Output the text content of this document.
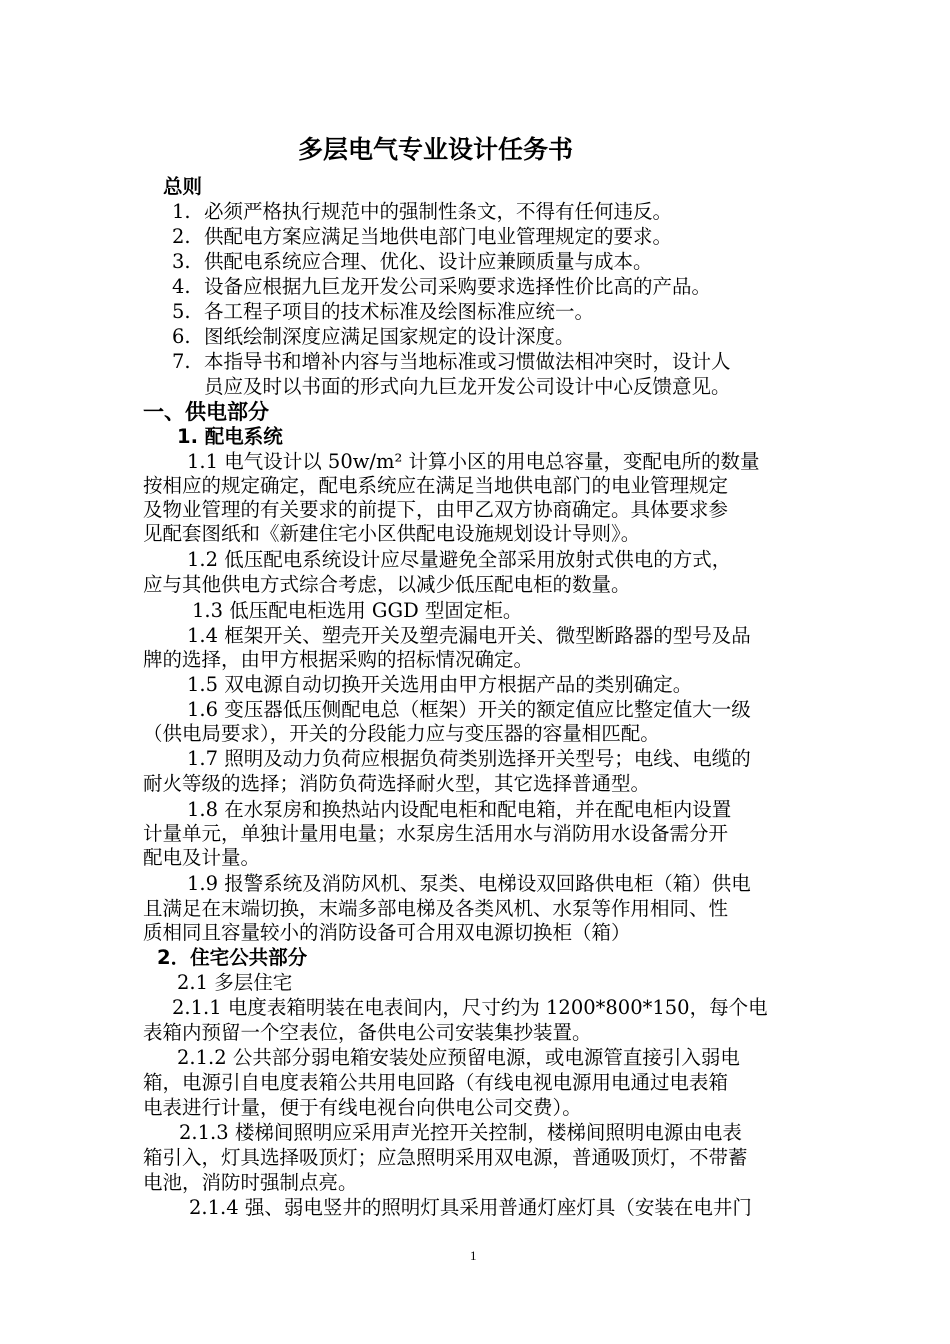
多层电气专业设计任务书
总则
1. 必须严格执行规范中的强制性条文，不得有任何违反。
2. 供配电方案应满足当地供电部门电业管理规定的要求。
3. 供配电系统应合理、优化、设计应兼顾质量与成本。
4. 设备应根据九巨龙开发公司采购要求选择性价比高的产品。
5. 各工程子项目的技术标准及绘图标准应统一。
6. 图纸绘制深度应满足国家规定的设计深度。
7. 本指导书和增补内容与当地标准或习惯做法相冲突时，设计人
员应及时以书面的形式向九巨龙开发公司设计中心反馈意见。
一、供电部分
1. 配电系统
1.1 电气设计以 50w/m² 计算小区的用电总容量，变配电所的数量
按相应的规定确定，配电系统应在满足当地供电部门的电业管理规定
及物业管理的有关要求的前提下，由甲乙双方协商确定。具体要求参
见配套图纸和《新建住宅小区供配电设施规划设计导则》。
1.2 低压配电系统设计应尽量避免全部采用放射式供电的方式，
应与其他供电方式综合考虑，以减少低压配电柜的数量。
1.3 低压配电柜选用 GGD 型固定柜。
1.4 框架开关、塑壳开关及塑壳漏电开关、微型断路器的型号及品
牌的选择，由甲方根据采购的招标情况确定。
1.5 双电源自动切换开关选用由甲方根据产品的类别确定。
1.6 变压器低压侧配电总（框架）开关的额定值应比整定值大一级
（供电局要求），开关的分段能力应与变压器的容量相匹配。
1.7 照明及动力负荷应根据负荷类别选择开关型号；电线、电缆的
耐火等级的选择；消防负荷选择耐火型，其它选择普通型。
1.8 在水泵房和换热站内设配电柜和配电箱，并在配电柜内设置
计量单元，单独计量用电量；水泵房生活用水与消防用水设备需分开
配电及计量。
1.9 报警系统及消防风机、泵类、电梯设双回路供电柜（箱）供电
且满足在末端切换，末端多部电梯及各类风机、水泵等作用相同、性
质相同且容量较小的消防设备可合用双电源切换柜（箱）
2．住宅公共部分
2.1 多层住宅
2.1.1 电度表箱明装在电表间内，尺寸约为 1200*800*150，每个电
表箱内预留一个空表位，备供电公司安装集抄装置。
2.1.2 公共部分弱电箱安装处应预留电源，或电源管直接引入弱电
箱，电源引自电度表箱公共用电回路（有线电视电源用电通过电表箱
电表进行计量，便于有线电视台向供电公司交费）。
2.1.3 楼梯间照明应采用声光控开关控制，楼梯间照明电源由电表
箱引入，灯具选择吸顶灯；应急照明采用双电源，普通吸顶灯，不带蓄
电池，消防时强制点亮。
2.1.4 强、弱电竖井的照明灯具采用普通灯座灯具（安装在电井门
1
